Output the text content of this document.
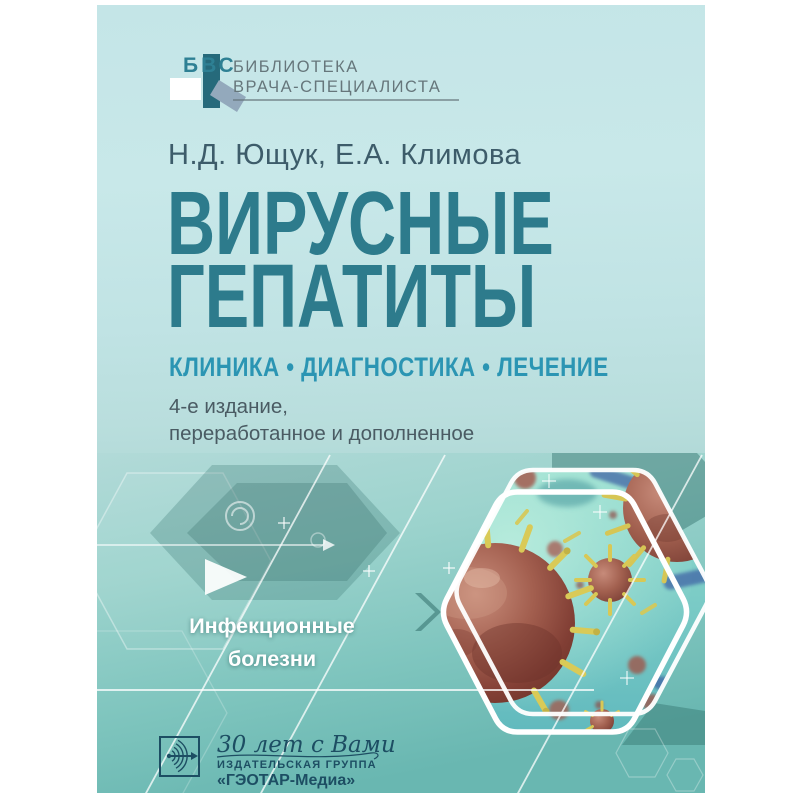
БВС
БИБЛИОТЕКА
ВРАЧА-СПЕЦИАЛИСТА
Н.Д. Ющук, Е.А. Климова
ВИРУСНЫЕ
ГЕПАТИТЫ
КЛИНИКА • ДИАГНОСТИКА • ЛЕЧЕНИЕ
4-е издание,
переработанное и дополненное
Инфекционные
болезни
30 лет с Вами
ИЗДАТЕЛЬСКАЯ ГРУППА
«ГЭОТАР-Медиа»
